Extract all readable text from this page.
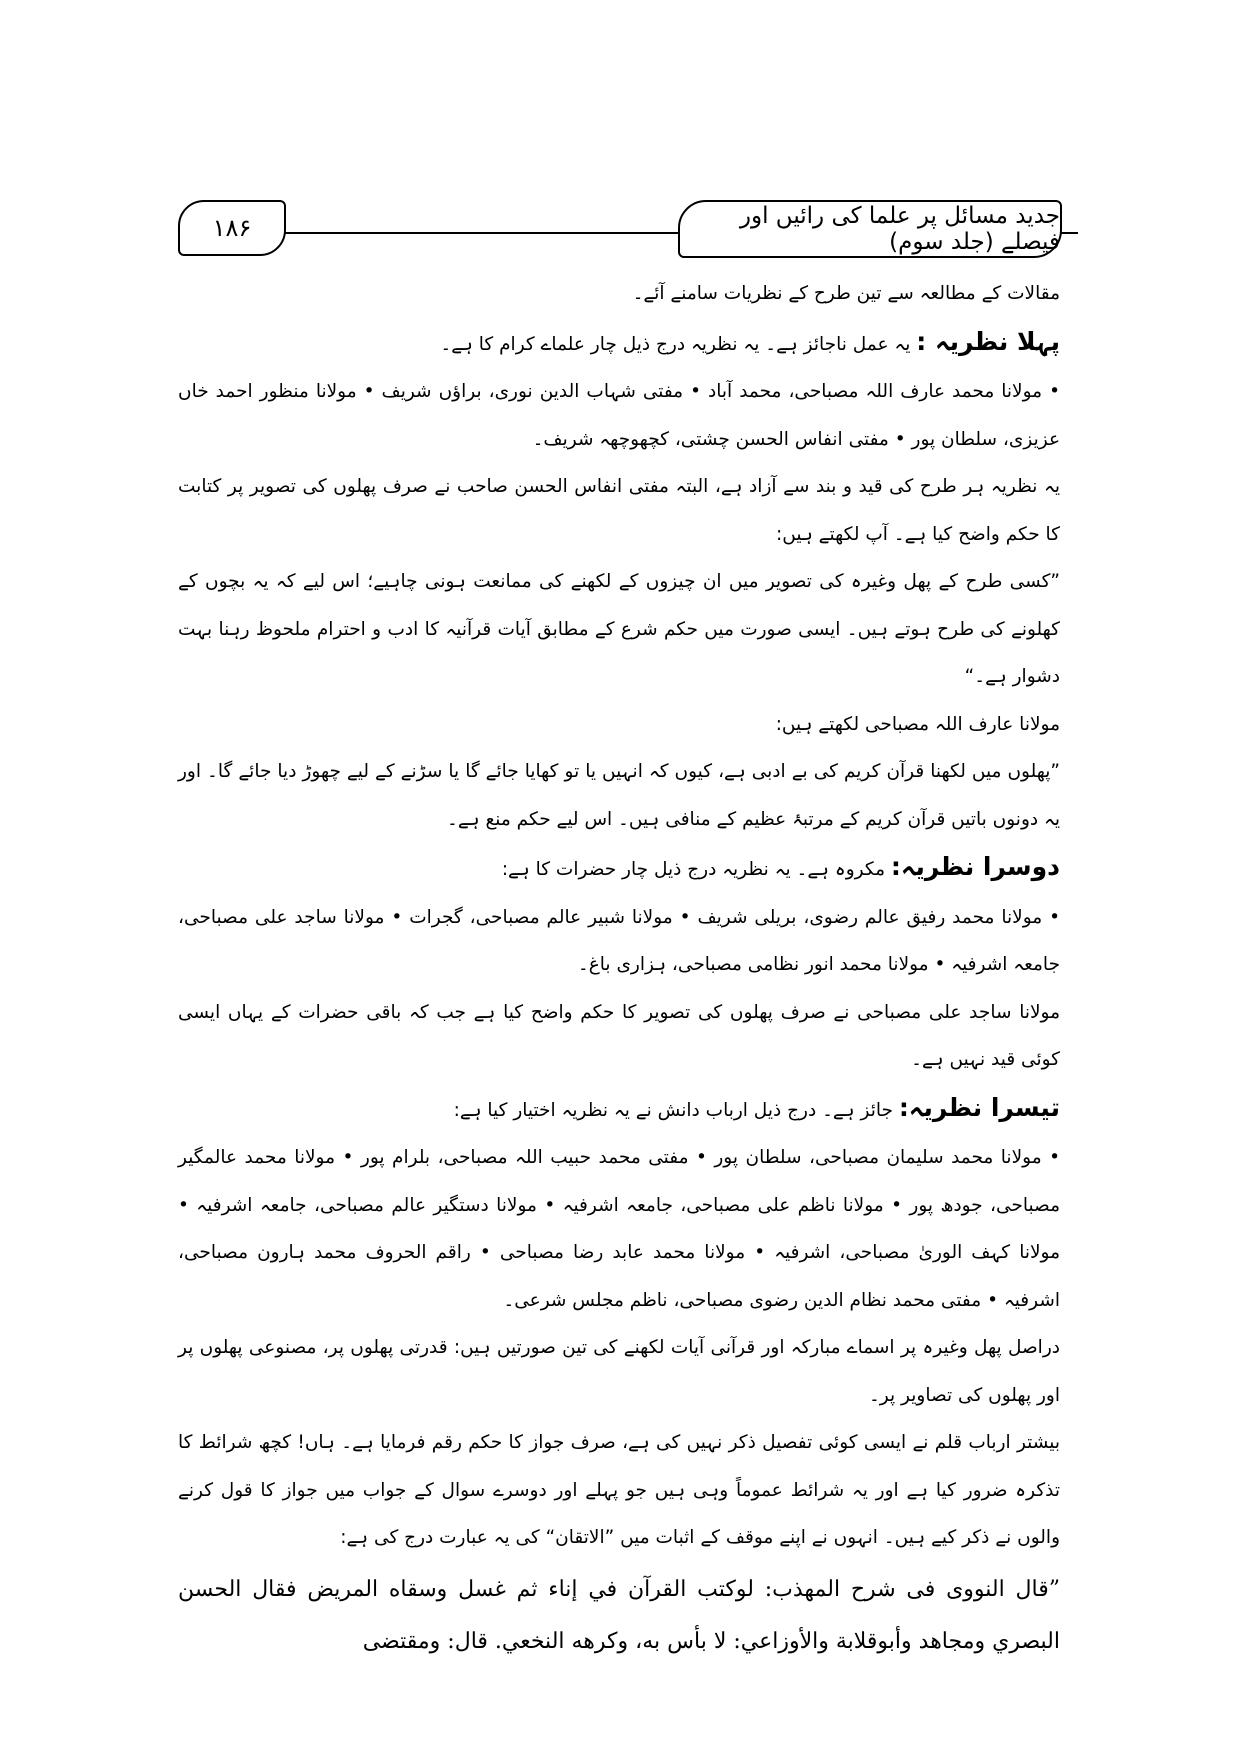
جدید مسائل پر علما کی رائیں اور فیصلے (جلد سوم)
۱۸۶

مقالات کے مطالعہ سے تین طرح کے نظریات سامنے آئے۔

پہلا نظریہ : یہ عمل ناجائز ہے۔ یہ نظریہ درج ذیل چار علماے کرام کا ہے۔

• مولانا محمد عارف اللہ مصباحی، محمد آباد • مفتی شہاب الدین نوری، براؤں شریف • مولانا منظور احمد خاں عزیزی، سلطان پور • مفتی انفاس الحسن چشتی، کچھوچھہ شریف۔

یہ نظریہ ہر طرح کی قید و بند سے آزاد ہے، البتہ مفتی انفاس الحسن صاحب نے صرف پھلوں کی تصویر پر کتابت کا حکم واضح کیا ہے۔ آپ لکھتے ہیں:

”کسی طرح کے پھل وغیرہ کی تصویر میں ان چیزوں کے لکھنے کی ممانعت ہونی چاہیے؛ اس لیے کہ یہ بچوں کے کھلونے کی طرح ہوتے ہیں۔ ایسی صورت میں حکم شرع کے مطابق آیات قرآنیہ کا ادب و احترام ملحوظ رہنا بہت دشوار ہے۔“

مولانا عارف اللہ مصباحی لکھتے ہیں:

”پھلوں میں لکھنا قرآن کریم کی بے ادبی ہے، کیوں کہ انہیں یا تو کھایا جائے گا یا سڑنے کے لیے چھوڑ دیا جائے گا۔ اور یہ دونوں باتیں قرآن کریم کے مرتبۂ عظیم کے منافی ہیں۔ اس لیے حکم منع ہے۔

دوسرا نظریہ: مکروہ ہے۔ یہ نظریہ درج ذیل چار حضرات کا ہے:

• مولانا محمد رفیق عالم رضوی، بریلی شریف • مولانا شبیر عالم مصباحی، گجرات • مولانا ساجد علی مصباحی، جامعہ اشرفیہ • مولانا محمد انور نظامی مصباحی، ہزاری باغ۔

مولانا ساجد علی مصباحی نے صرف پھلوں کی تصویر کا حکم واضح کیا ہے جب کہ باقی حضرات کے یہاں ایسی کوئی قید نہیں ہے۔

تیسرا نظریہ: جائز ہے۔ درج ذیل ارباب دانش نے یہ نظریہ اختیار کیا ہے:

• مولانا محمد سلیمان مصباحی، سلطان پور • مفتی محمد حبیب اللہ مصباحی، بلرام پور • مولانا محمد عالمگیر مصباحی، جودھ پور • مولانا ناظم علی مصباحی، جامعہ اشرفیہ • مولانا دستگیر عالم مصباحی، جامعہ اشرفیہ • مولانا کہف الوریٰ مصباحی، اشرفیہ • مولانا محمد عابد رضا مصباحی • راقم الحروف محمد ہارون مصباحی، اشرفیہ • مفتی محمد نظام الدین رضوی مصباحی، ناظم مجلس شرعی۔

دراصل پھل وغیرہ پر اسماے مبارکہ اور قرآنی آیات لکھنے کی تین صورتیں ہیں: قدرتی پھلوں پر، مصنوعی پھلوں پر اور پھلوں کی تصاویر پر۔

بیشتر ارباب قلم نے ایسی کوئی تفصیل ذکر نہیں کی ہے، صرف جواز کا حکم رقم فرمایا ہے۔ ہاں! کچھ شرائط کا تذکرہ ضرور کیا ہے اور یہ شرائط عموماً وہی ہیں جو پہلے اور دوسرے سوال کے جواب میں جواز کا قول کرنے والوں نے ذکر کیے ہیں۔ انہوں نے اپنے موقف کے اثبات میں ”الاتقان“ کی یہ عبارت درج کی ہے:

”قال النووی فی شرح المھذب: لوكتب القرآن في إناء ثم غسل وسقاه المريض فقال الحسن البصري ومجاهد وأبوقلابة والأوزاعي: لا بأس به، وكرهه النخعي. قال: ومقتضى
